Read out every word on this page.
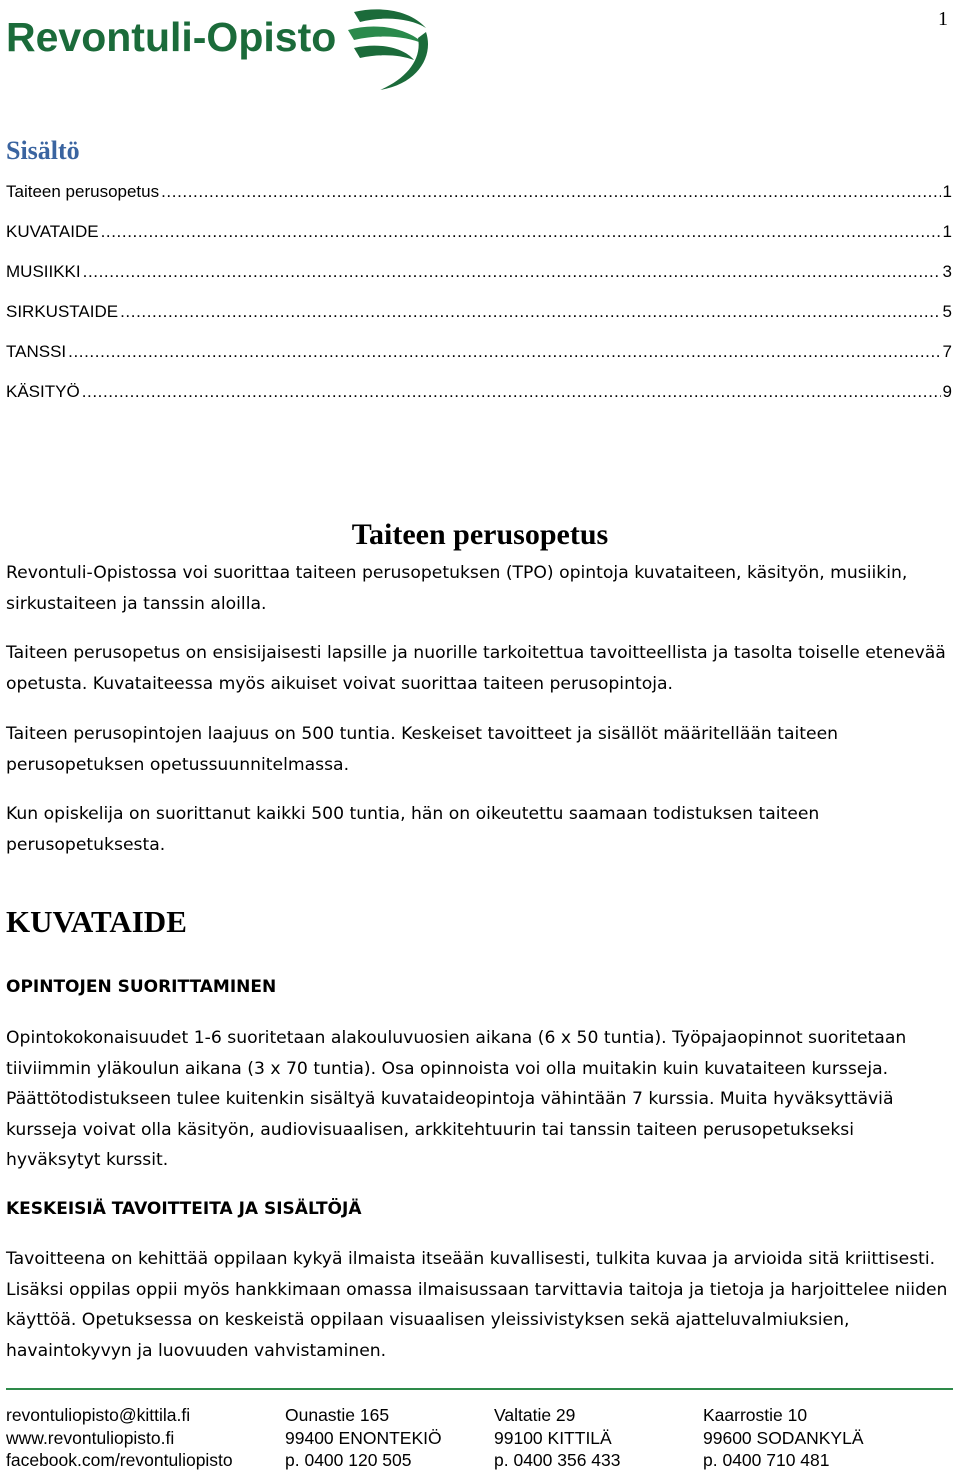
Revontuli-Opisto	1
Sisältö
Taiteen perusopetus .....	1
KUVATAIDE .....	1
MUSIIKKI .....	3
SIRKUSTAIDE .....	5
TANSSI .....	7
KÄSITYÖ .....	9
Taiteen perusopetus
Revontuli-Opistossa voi suorittaa taiteen perusopetuksen (TPO) opintoja kuvataiteen, käsityön, musiikin, sirkustaiteen ja tanssin aloilla.
Taiteen perusopetus on ensisijaisesti lapsille ja nuorille tarkoitettua tavoitteellista ja tasolta toiselle etenevää opetusta. Kuvataiteessa myös aikuiset voivat suorittaa taiteen perusopintoja.
Taiteen perusopintojen laajuus on 500 tuntia. Keskeiset tavoitteet ja sisällöt määritellään taiteen perusopetuksen opetussuunnitelmassa.
Kun opiskelija on suorittanut kaikki 500 tuntia, hän on oikeutettu saamaan todistuksen taiteen perusopetuksesta.
KUVATAIDE
OPINTOJEN SUORITTAMINEN
Opintokokonaisuudet 1-6 suoritetaan alakouluvuosien aikana (6 x 50 tuntia). Työpajaopinnot suoritetaan tiiviimmin yläkoulun aikana (3 x 70 tuntia). Osa opinnoista voi olla muitakin kuin kuvataiteen kursseja. Päättötodistukseen tulee kuitenkin sisältyä kuvataideopintoja vähintään 7 kurssia. Muita hyväksyttäviä kursseja voivat olla käsityön, audiovisuaalisen, arkkitehtuurin tai tanssin taiteen perusopetukseksi hyväksytyt kurssit.
KESKEISIÄ TAVOITTEITA JA SISÄLTÖJÄ
Tavoitteena on kehittää oppilaan kykyä ilmaista itseään kuvallisesti, tulkita kuvaa ja arvioida sitä kriittisesti. Lisäksi oppilas oppii myös hankkimaan omassa ilmaisussaan tarvittavia taitoja ja tietoja ja harjoittelee niiden käyttöä. Opetuksessa on keskeistä oppilaan visuaalisen yleissivistyksen sekä ajatteluvalmiuksien, havaintokyvyn ja luovuuden vahvistaminen.
revontuliopisto@kittila.fi
www.revontuliopisto.fi
facebook.com/revontuliopisto
Ounastie 165
99400 ENONTEKIÖ
p. 0400 120 505
Valtatie 29
99100 KITTILÄ
p. 0400 356 433
Kaarrostie 10
99600 SODANKYLÄ
p. 0400 710 481
